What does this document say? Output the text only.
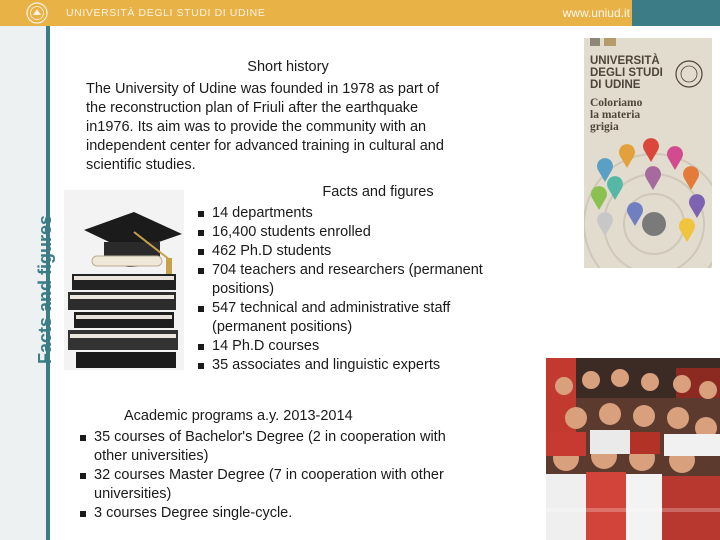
UNIVERSITÀ DEGLI STUDI DI UDINE	www.uniud.it
Facts and figures
Short history
The University of Udine was founded in 1978 as part of
the reconstruction plan of Friuli after the earthquake
in1976. Its aim was to provide the community with an
independent center for advanced training in cultural and
scientific studies.
Facts and figures
14 departments
16,400 students enrolled
462 Ph.D students
704 teachers and researchers (permanent positions)
547 technical and administrative staff (permanent positions)
14 Ph.D courses
35 associates and linguistic experts
Academic programs a.y. 2013-2014
35 courses of Bachelor's Degree (2 in cooperation with other universities)
32 courses Master Degree (7 in cooperation with other universities)
3 courses Degree single-cycle.
UNIVERSITÀ
DEGLI STUDI
DI UDINE
Coloriamo
la materia
grigia
